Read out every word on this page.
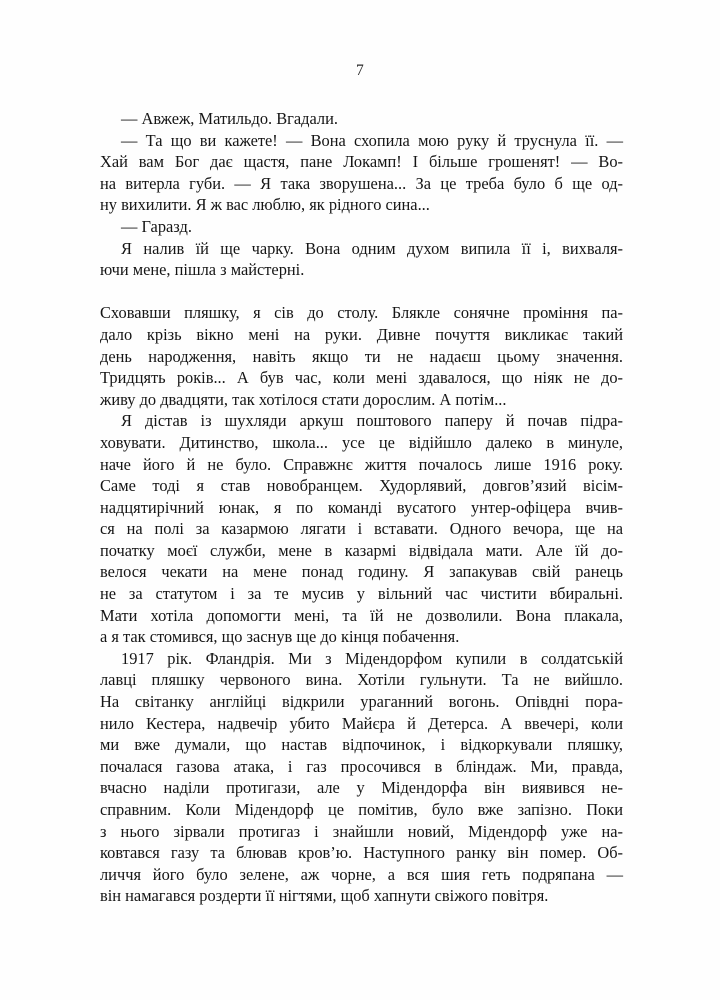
7

— Авжеж, Матильдо. Вгадали.

— Та що ви кажете! — Вона схопила мою руку й труснула її. —
Хай вам Бог дає щастя, пане Локамп! І більше грошенят! — Во-
на витерла губи. — Я така зворушена... За це треба було б ще од-
ну вихилити. Я ж вас люблю, як рідного сина...

— Гаразд.

Я налив їй ще чарку. Вона одним духом випила її і, вихваля-
ючи мене, пішла з майстерні.

Сховавши пляшку, я сів до столу. Блякле сонячне проміння па-
дало крізь вікно мені на руки. Дивне почуття викликає такий
день народження, навіть якщо ти не надаєш цьому значення.
Тридцять років... А був час, коли мені здавалося, що ніяк не до-
живу до двадцяти, так хотілося стати дорослим. А потім...

Я дістав із шухляди аркуш поштового паперу й почав підра-
ховувати. Дитинство, школа... усе це відійшло далеко в минуле,
наче його й не було. Справжнє життя почалось лише 1916 року.
Саме тоді я став новобранцем. Худорлявий, довгов’язий вісім-
надцятирічний юнак, я по команді вусатого унтер-офіцера вчив-
ся на полі за казармою лягати і вставати. Одного вечора, ще на
початку моєї служби, мене в казармі відвідала мати. Але їй до-
велося чекати на мене понад годину. Я запакував свій ранець
не за статутом і за те мусив у вільний час чистити вбиральні.
Мати хотіла допомогти мені, та їй не дозволили. Вона плакала,
а я так стомився, що заснув ще до кінця побачення.

1917 рік. Фландрія. Ми з Мідендорфом купили в солдатській
лавці пляшку червоного вина. Хотіли гульнути. Та не вийшло.
На світанку англійці відкрили ураганний вогонь. Опівдні пора-
нило Кестера, надвечір убито Майєра й Детерса. А ввечері, коли
ми вже думали, що настав відпочинок, і відкоркували пляшку,
почалася газова атака, і газ просочився в бліндаж. Ми, правда,
вчасно наділи протигази, але у Мідендорфа він виявився не-
справним. Коли Мідендорф це помітив, було вже запізно. Поки
з нього зірвали протигаз і знайшли новий, Мідендорф уже на-
ковтався газу та блював кров’ю. Наступного ранку він помер. Об-
личчя його було зелене, аж чорне, а вся шия геть подряпана —
він намагався роздерти її нігтями, щоб хапнути свіжого повітря.
